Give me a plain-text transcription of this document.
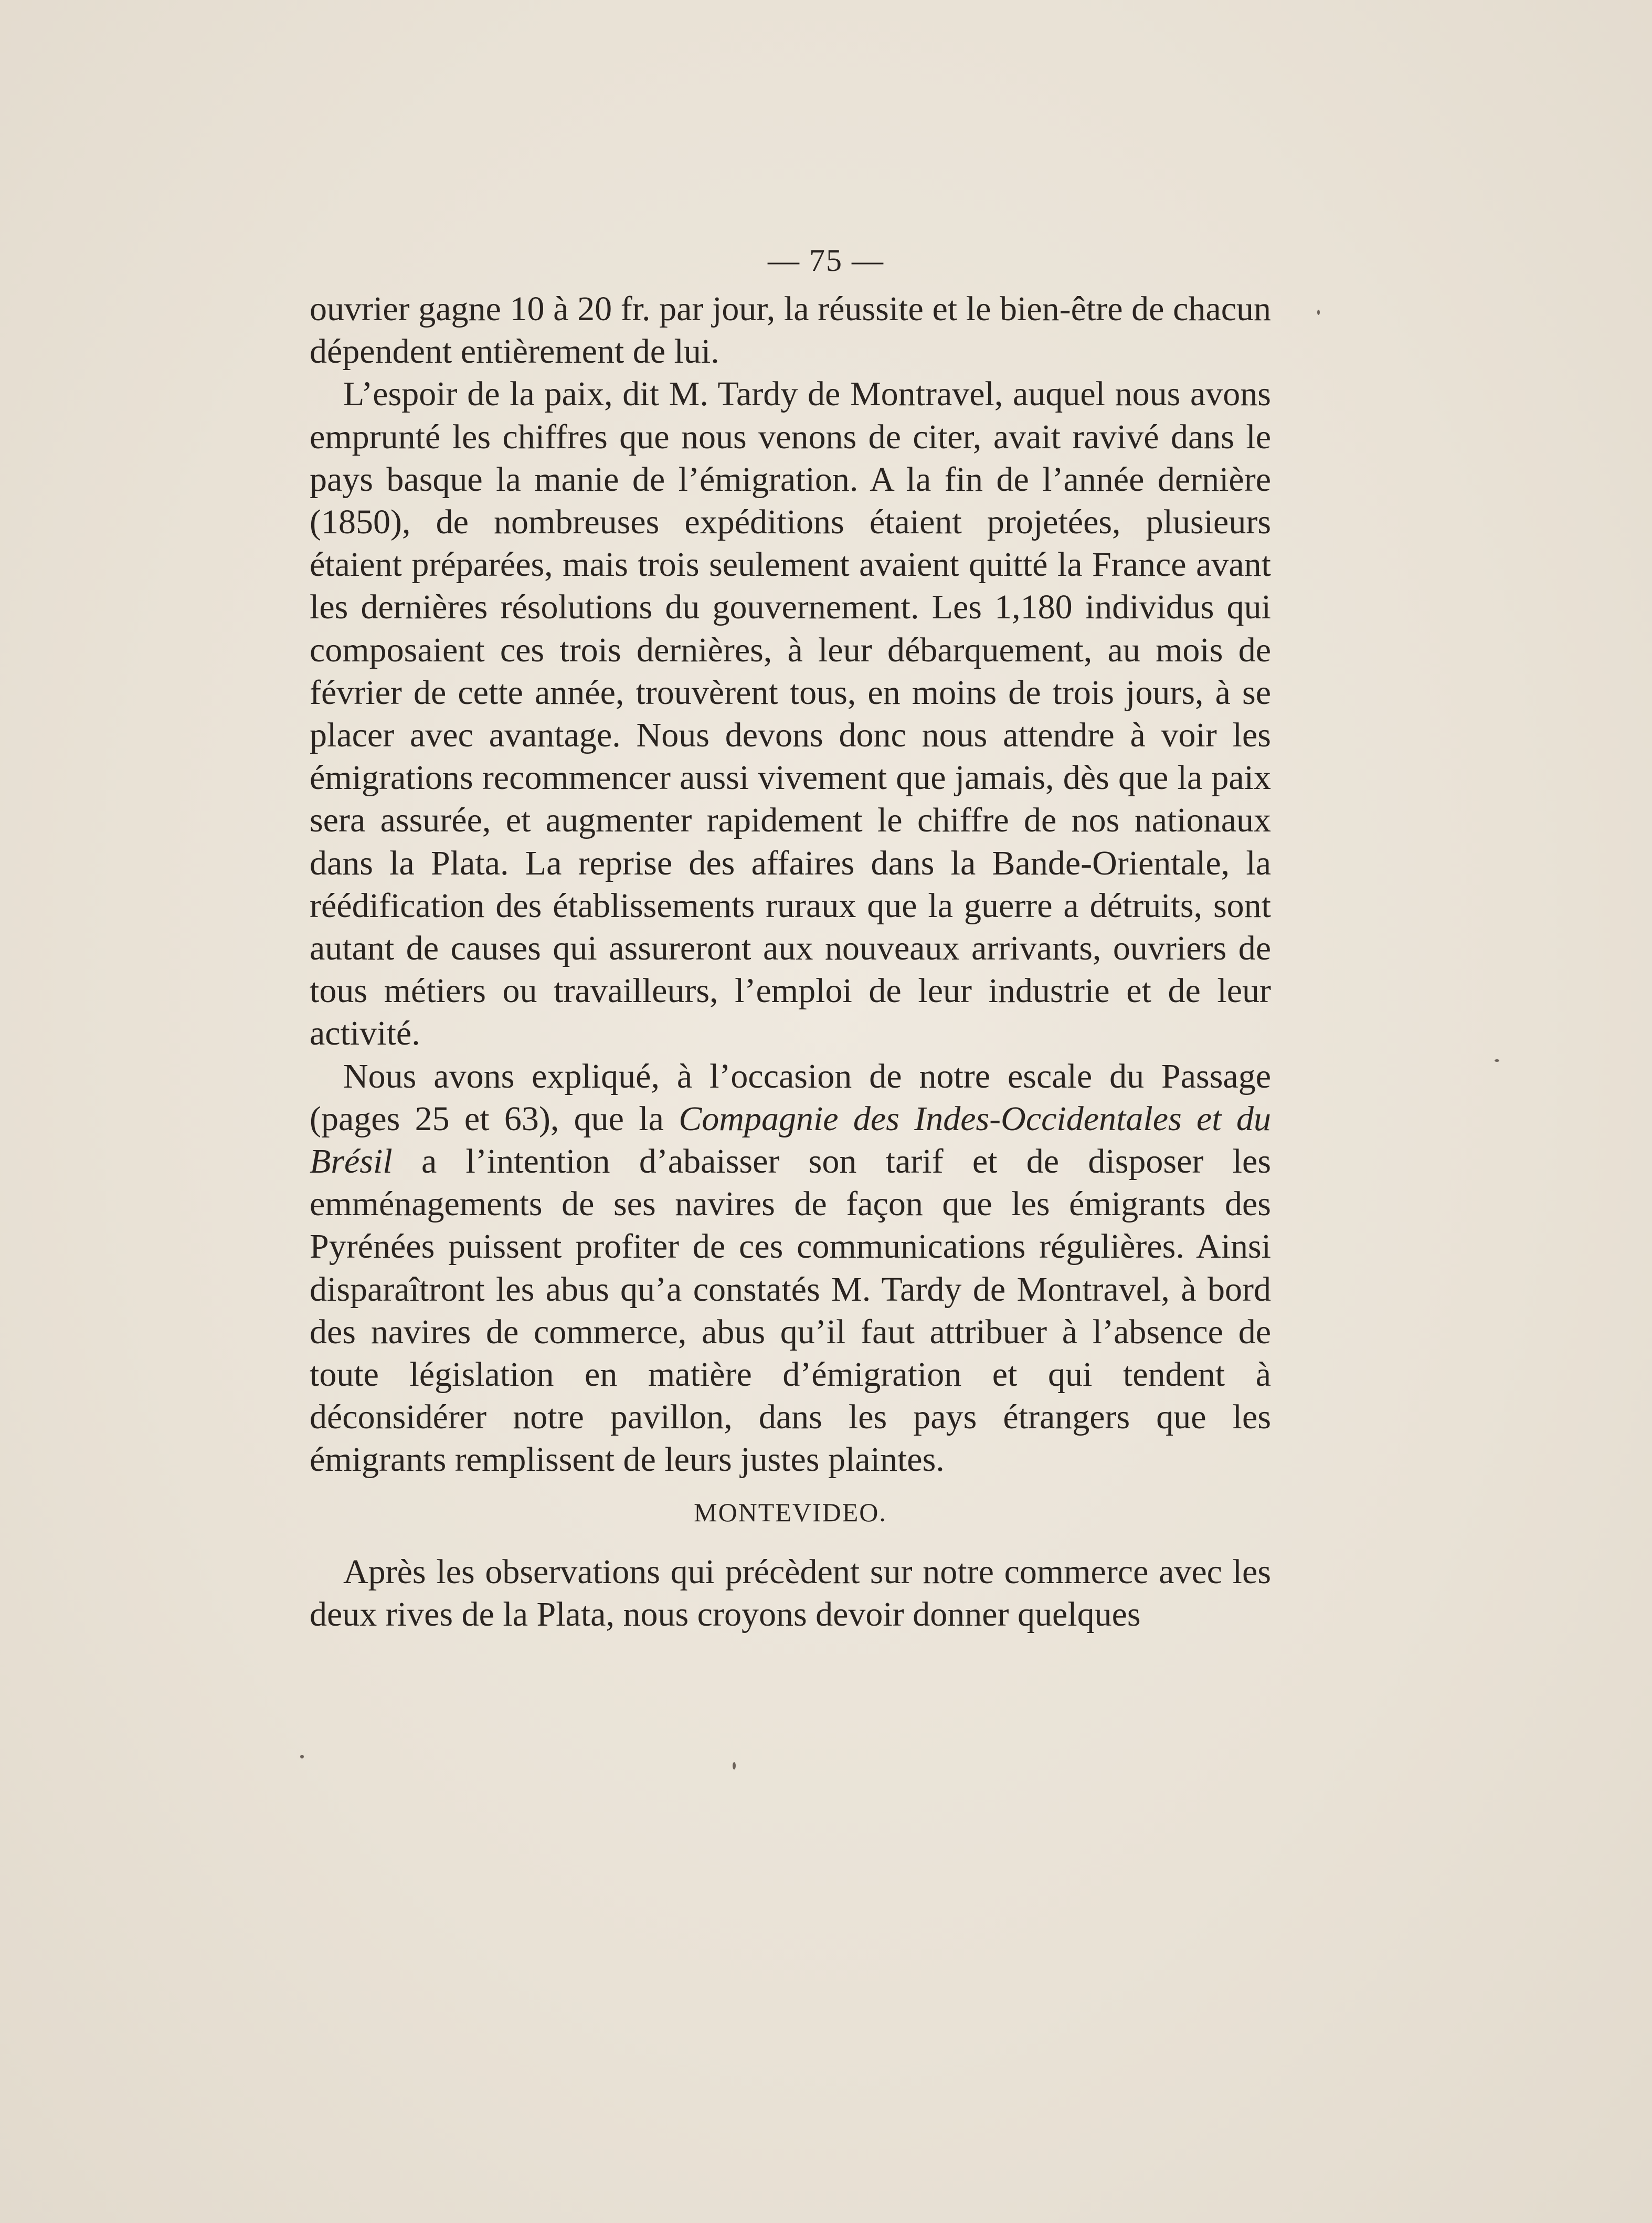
— 75 —

ouvrier gagne 10 à 20 fr. par jour, la réussite et le bien-être de chacun dépendent entièrement de lui.

L’espoir de la paix, dit M. Tardy de Montravel, auquel nous avons emprunté les chiffres que nous venons de citer, avait ravivé dans le pays basque la manie de l’émigration. A la fin de l’année dernière (1850), de nombreuses expéditions étaient projetées, plusieurs étaient préparées, mais trois seulement avaient quitté la France avant les dernières résolutions du gouvernement. Les 1,180 individus qui composaient ces trois dernières, à leur débarquement, au mois de février de cette année, trouvèrent tous, en moins de trois jours, à se placer avec avantage. Nous devons donc nous attendre à voir les émigrations recommencer aussi vivement que jamais, dès que la paix sera assurée, et augmenter rapidement le chiffre de nos nationaux dans la Plata. La reprise des affaires dans la Bande-Orientale, la réédification des établissements ruraux que la guerre a détruits, sont autant de causes qui assureront aux nouveaux arrivants, ouvriers de tous métiers ou travailleurs, l’emploi de leur industrie et de leur activité.

Nous avons expliqué, à l’occasion de notre escale du Passage (pages 25 et 63), que la Compagnie des Indes-Occidentales et du Brésil a l’intention d’abaisser son tarif et de disposer les emménagements de ses navires de façon que les émigrants des Pyrénées puissent profiter de ces communications régulières. Ainsi disparaîtront les abus qu’a constatés M. Tardy de Montravel, à bord des navires de commerce, abus qu’il faut attribuer à l’absence de toute législation en matière d’émigration et qui tendent à déconsidérer notre pavillon, dans les pays étrangers que les émigrants remplissent de leurs justes plaintes.

MONTEVIDEO.

Après les observations qui précèdent sur notre commerce avec les deux rives de la Plata, nous croyons devoir donner quelques
